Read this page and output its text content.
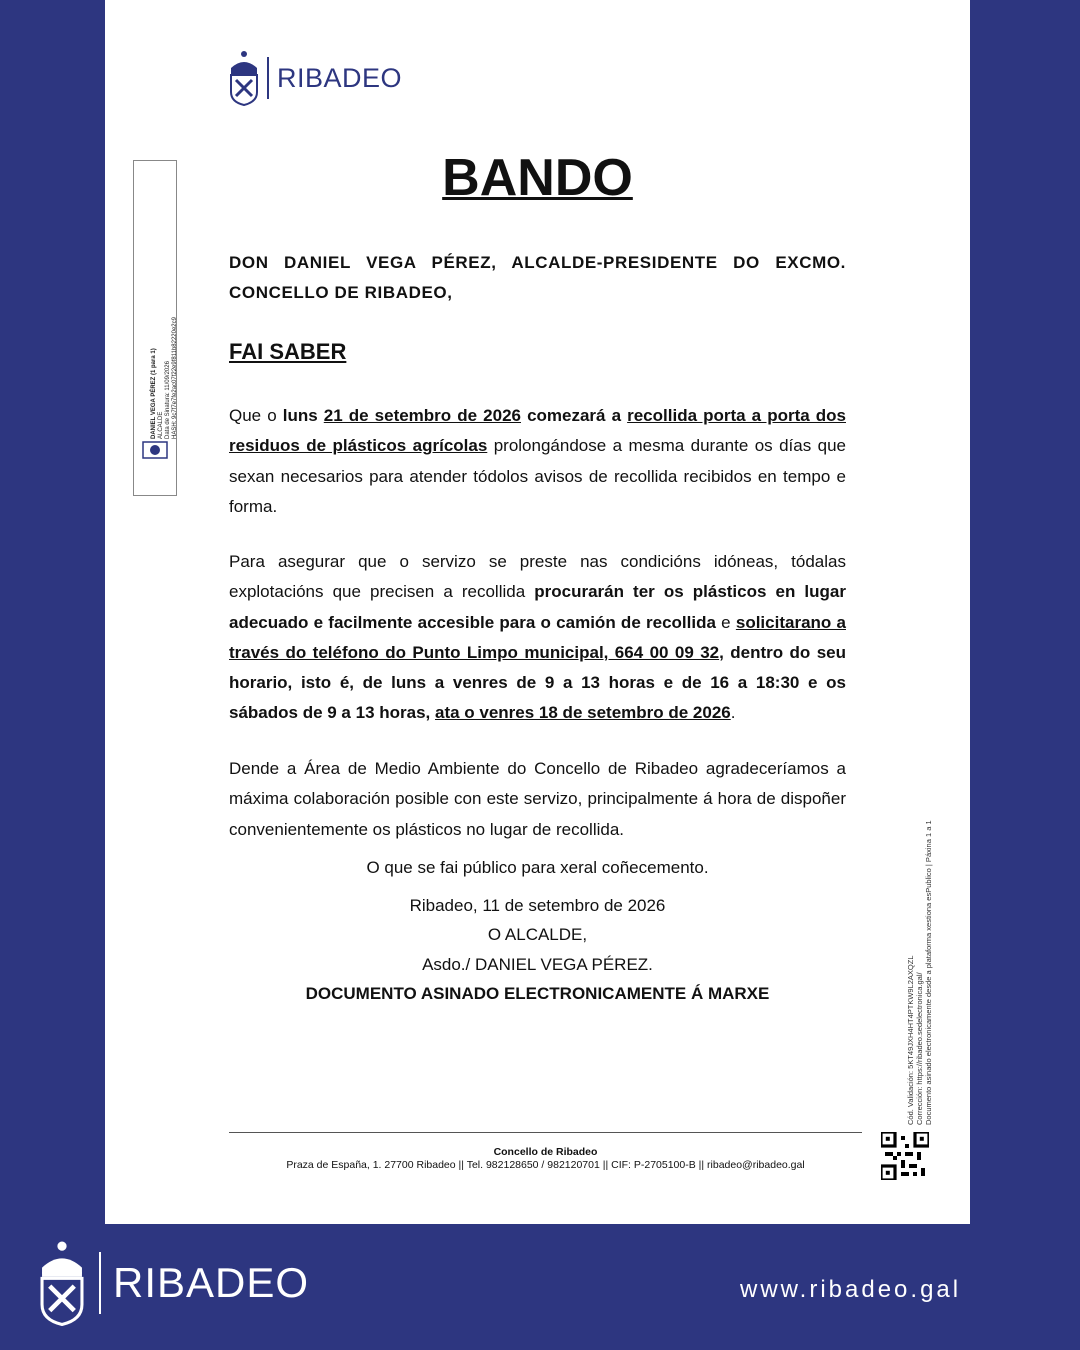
RIBADEO
DANIEL VEGA PÉREZ (1 para 1) ALCALDE Data de Sinatura: 11/09/2026 HASH: 9c7f7e7fe2ac07f22e9f811b82220e2c9
BANDO
DON DANIEL VEGA PÉREZ, ALCALDE-PRESIDENTE DO EXCMO. CONCELLO DE RIBADEO,
FAI SABER
Que o luns 21 de setembro de 2026 comezará a recollida porta a porta dos residuos de plásticos agrícolas prolongándose a mesma durante os días que sexan necesarios para atender tódolos avisos de recollida recibidos en tempo e forma.
Para asegurar que o servizo se preste nas condicións idóneas, tódalas explotacións que precisen a recollida procurarán ter os plásticos en lugar adecuado e facilmente accesible para o camión de recollida e solicitarano a través do teléfono do Punto Limpo municipal, 664 00 09 32, dentro do seu horario, isto é, de luns a venres de 9 a 13 horas e de 16 a 18:30 e os sábados de 9 a 13 horas, ata o venres 18 de setembro de 2026.
Dende a Área de Medio Ambiente do Concello de Ribadeo agradeceríamos a máxima colaboración posible con este servizo, principalmente á hora de dispoñer convenientemente os plásticos no lugar de recollida.
O que se fai público para xeral coñecemento.
Ribadeo, 11 de setembro de 2026
O ALCALDE,
Asdo./ DANIEL VEGA PÉREZ.
DOCUMENTO ASINADO ELECTRONICAMENTE Á MARXE	Cód. Validación: 5KT49JXH4HT4PTKW9L2AXQZL Corrección: https://ribadeo.sedelectronica.gal/ Documento asinado electronicamente desde a plataforma xestiona esPublico | Páxina 1 a 1
Concello de Ribadeo
Praza de España, 1. 27700 Ribadeo || Tel. 982128650 / 982120701 || CIF: P-2705100-B || ribadeo@ribadeo.gal
RIBADEO	www.ribadeo.gal
